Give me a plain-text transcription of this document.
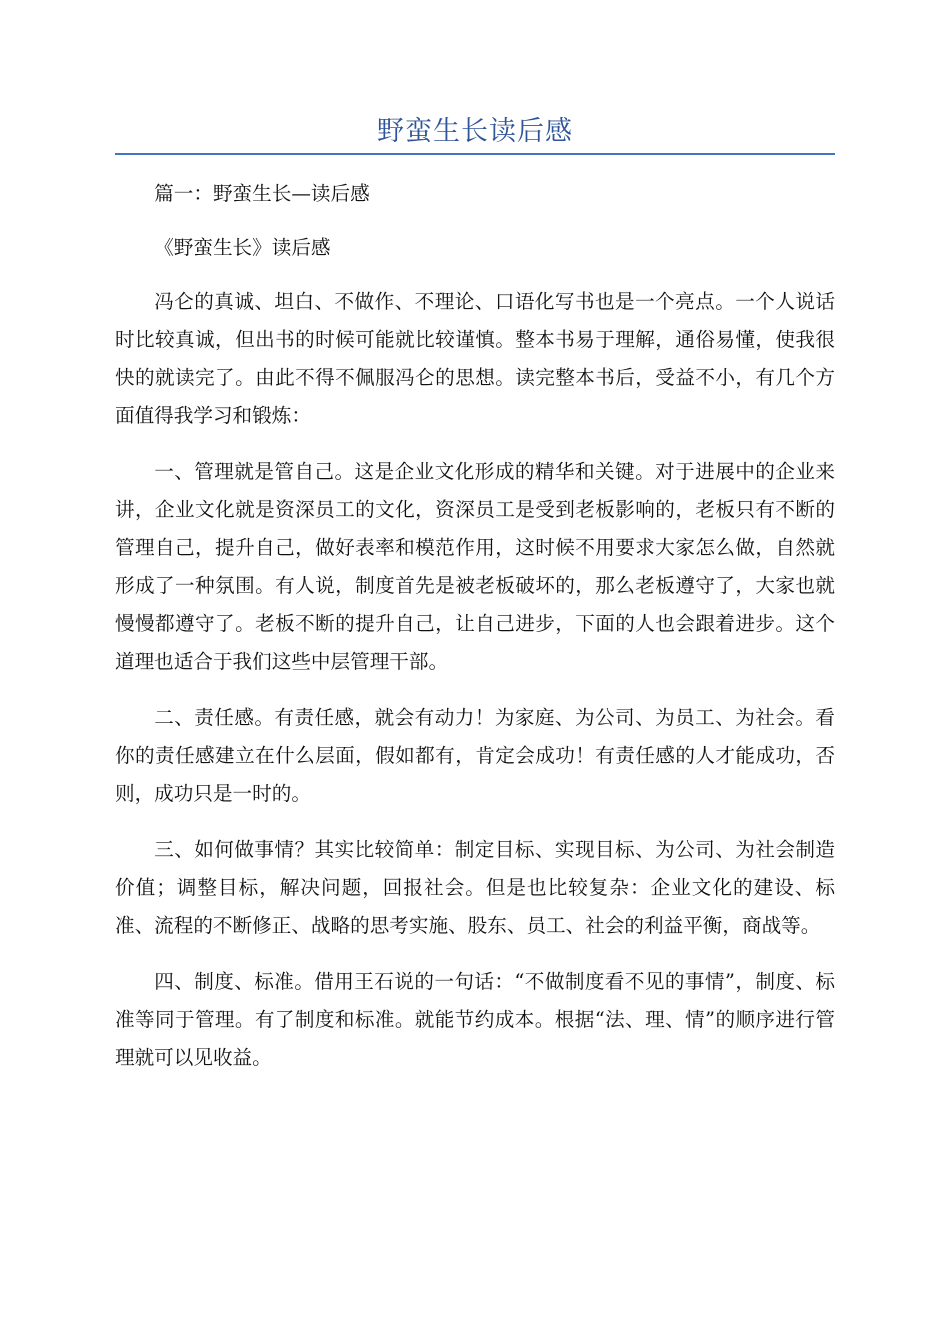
野蛮生长读后感

篇一：野蛮生长—读后感

《野蛮生长》读后感

冯仑的真诚、坦白、不做作、不理论、口语化写书也是一个亮点。一个人说话时比较真诚，但出书的时候可能就比较谨慎。整本书易于理解，通俗易懂，使我很快的就读完了。由此不得不佩服冯仑的思想。读完整本书后，受益不小，有几个方面值得我学习和锻炼：

一、管理就是管自己。这是企业文化形成的精华和关键。对于进展中的企业来讲，企业文化就是资深员工的文化，资深员工是受到老板影响的，老板只有不断的管理自己，提升自己，做好表率和模范作用，这时候不用要求大家怎么做，自然就形成了一种氛围。有人说，制度首先是被老板破坏的，那么老板遵守了，大家也就慢慢都遵守了。老板不断的提升自己，让自己进步，下面的人也会跟着进步。这个道理也适合于我们这些中层管理干部。

二、责任感。有责任感，就会有动力！为家庭、为公司、为员工、为社会。看你的责任感建立在什么层面，假如都有，肯定会成功！有责任感的人才能成功，否则，成功只是一时的。

三、如何做事情？其实比较简单：制定目标、实现目标、为公司、为社会制造价值；调整目标，解决问题，回报社会。但是也比较复杂：企业文化的建设、标准、流程的不断修正、战略的思考实施、股东、员工、社会的利益平衡，商战等。

四、制度、标准。借用王石说的一句话：“不做制度看不见的事情”，制度、标准等同于管理。有了制度和标准。就能节约成本。根据“法、理、情”的顺序进行管理就可以见收益。
